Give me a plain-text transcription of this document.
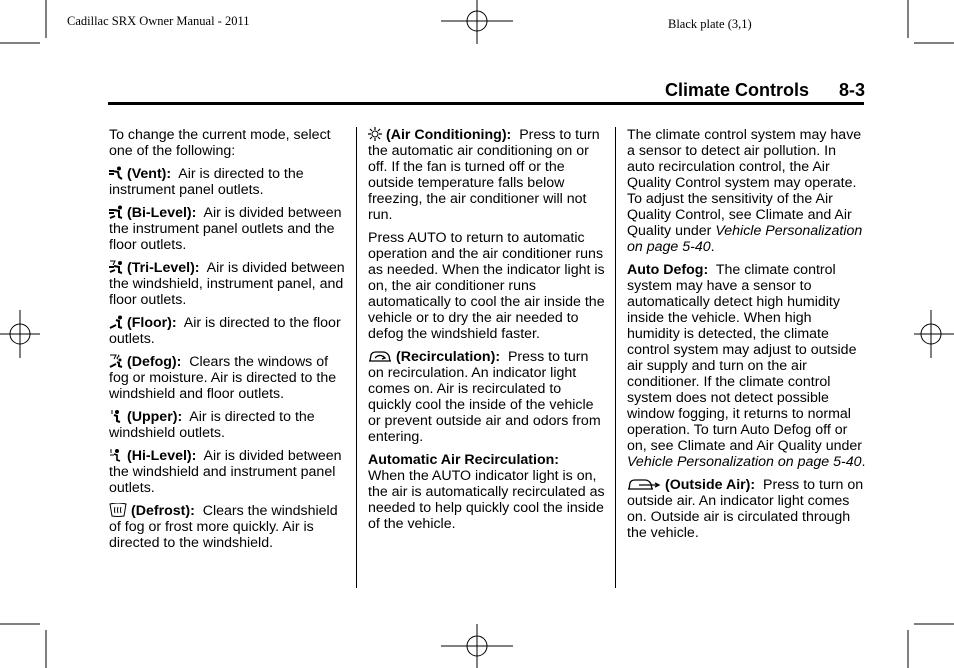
Cadillac SRX Owner Manual - 2011	Black plate (3,1)
Climate Controls 8-3

To change the current mode, select one of the following:

(Vent): Air is directed to the instrument panel outlets.

(Bi-Level): Air is divided between the instrument panel outlets and the floor outlets.

(Tri-Level): Air is divided between the windshield, instrument panel, and floor outlets.

(Floor): Air is directed to the floor outlets.

(Defog): Clears the windows of fog or moisture. Air is directed to the windshield and floor outlets.

(Upper): Air is directed to the windshield outlets.

(Hi-Level): Air is divided between the windshield and instrument panel outlets.

(Defrost): Clears the windshield of fog or frost more quickly. Air is directed to the windshield.

(Air Conditioning): Press to turn the automatic air conditioning on or off. If the fan is turned off or the outside temperature falls below freezing, the air conditioner will not run.

Press AUTO to return to automatic operation and the air conditioner runs as needed. When the indicator light is on, the air conditioner runs automatically to cool the air inside the vehicle or to dry the air needed to defog the windshield faster.

(Recirculation): Press to turn on recirculation. An indicator light comes on. Air is recirculated to quickly cool the inside of the vehicle or prevent outside air and odors from entering.

Automatic Air Recirculation:
When the AUTO indicator light is on, the air is automatically recirculated as needed to help quickly cool the inside of the vehicle.

The climate control system may have a sensor to detect air pollution. In auto recirculation control, the Air Quality Control system may operate. To adjust the sensitivity of the Air Quality Control, see Climate and Air Quality under Vehicle Personalization on page 5-40.

Auto Defog: The climate control system may have a sensor to automatically detect high humidity inside the vehicle. When high humidity is detected, the climate control system may adjust to outside air supply and turn on the air conditioner. If the climate control system does not detect possible window fogging, it returns to normal operation. To turn Auto Defog off or on, see Climate and Air Quality under Vehicle Personalization on page 5-40.

(Outside Air): Press to turn on outside air. An indicator light comes on. Outside air is circulated through the vehicle.
